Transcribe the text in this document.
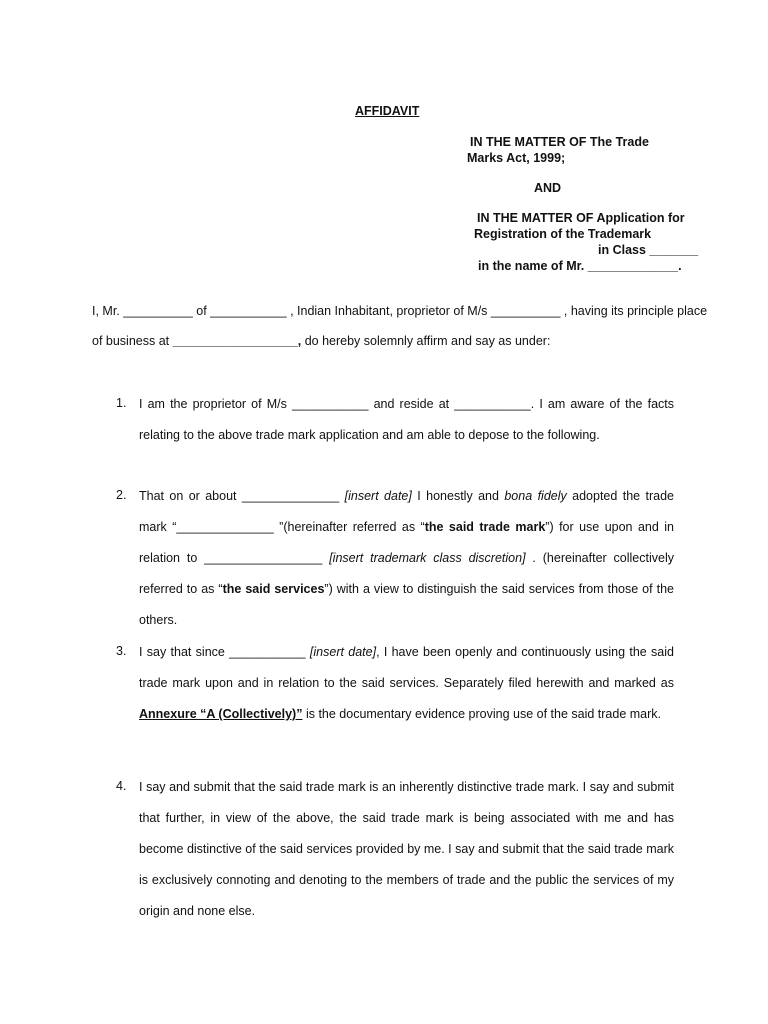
AFFIDAVIT
IN THE MATTER OF The Trade
Marks Act, 1999;
AND
IN THE MATTER OF Application for
Registration of the Trademark
in Class _______
in the name of Mr. _____________.
I, Mr. __________ of ___________ , Indian Inhabitant, proprietor of M/s __________ , having its principle place
of business at __________________, do hereby solemnly affirm and say as under:
1. I am the proprietor of M/s ___________ and reside at ___________. I am aware of the facts relating to the above trade mark application and am able to depose to the following.
2. That on or about ______________ [insert date] I honestly and bona fidely adopted the trade mark “______________ ”(hereinafter referred as “the said trade mark”) for use upon and in relation to _________________ [insert trademark class discretion] . (hereinafter collectively referred to as “the said services”) with a view to distinguish the said services from those of the others.
3. I say that since ___________ [insert date], I have been openly and continuously using the said trade mark upon and in relation to the said services. Separately filed herewith and marked as Annexure “A (Collectively)” is the documentary evidence proving use of the said trade mark.
4. I say and submit that the said trade mark is an inherently distinctive trade mark. I say and submit that further, in view of the above, the said trade mark is being associated with me and has become distinctive of the said services provided by me. I say and submit that the said trade mark is exclusively connoting and denoting to the members of trade and the public the services of my origin and none else.
